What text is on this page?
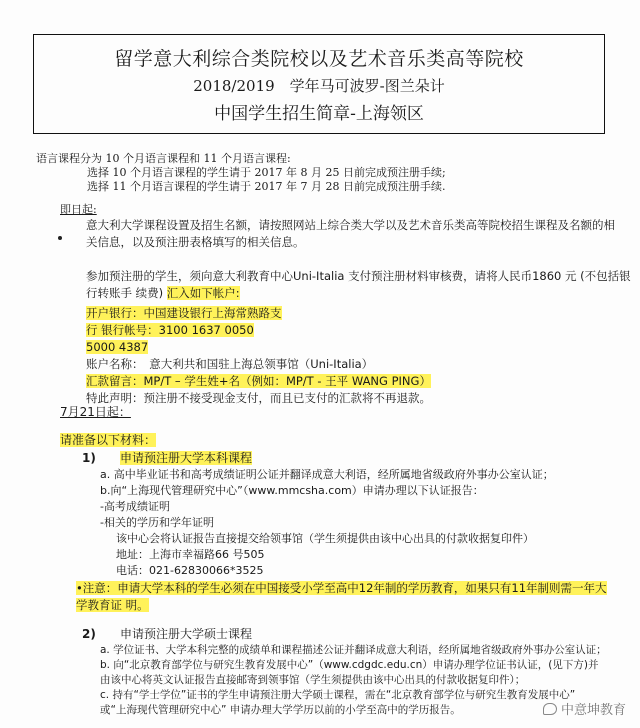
留学意大利综合类院校以及艺术音乐类高等院校
2018/2019　学年马可波罗-图兰朵计
中国学生招生简章-上海领区
语言课程分为 10 个月语言课程和 11 个月语言课程:
选择 10 个月语言课程的学生请于 2017 年 8 月 25 日前完成预注册手续;
选择 11 个月语言课程的学生请于 2017 年 7 月 28 日前完成预注册手续.
即日起:
意大利大学课程设置及招生名额，请按照网站上综合类大学以及艺术音乐类高等院校招生课程及名额的相
关信息，以及预注册表格填写的相关信息。
参加预注册的学生，须向意大利教育中心Uni-Italia 支付预注册材料审核费，请将人民币1860 元 (不包括银
行转账手 续费) 汇入如下帐户:
开户银行：中国建设银行上海常熟路支
行 银行帐号：3100 1637 0050
5000 4387
账户名称：　意大利共和国驻上海总领事馆（Uni-Italia）
汇款留言：MP/T – 学生姓+名（例如：MP/T - 王平 WANG PING）
特此声明：预注册不接受现金支付，而且已支付的汇款将不再退款。
7月21日起：
请准备以下材料：
1) 申请预注册大学本科课程
a. 高中毕业证书和高考成绩证明公证并翻译成意大利语，经所属地省级政府外事办公室认证；
b.向“上海现代管理研究中心”（www.mmcsha.com）申请办理以下认证报告：
-高考成绩证明
-相关的学历和学年证明
该中心会将认证报告直接提交给领事馆（学生须提供由该中心出具的付款收据复印件）
地址：上海市幸福路66 号505
电话：021-62830066*3525
•注意：申请大学本科的学生必须在中国接受小学至高中12年制的学历教育，如果只有11年制则需一年大
学教育证 明。
2) 申请预注册大学硕士课程
a. 学位证书、大学本科完整的成绩单和课程描述公证并翻译成意大利语，经所属地省级政府外事办公室认证；
b. 向“北京教育部学位与研究生教育发展中心”（www.cdgdc.edu.cn）申请办理学位证书认证，(见下方)并
由该中心将英文认证报告直接邮寄到领事馆（学生须提供由该中心出具的付款收据复印件）；
c. 持有“学士学位”证书的学生申请预注册大学硕士课程，需在“北京教育部学位与研究生教育发展中心”
或“上海现代管理研究中心” 申请办理大学学历以前的小学至高中的学历报告。	中意坤教育
